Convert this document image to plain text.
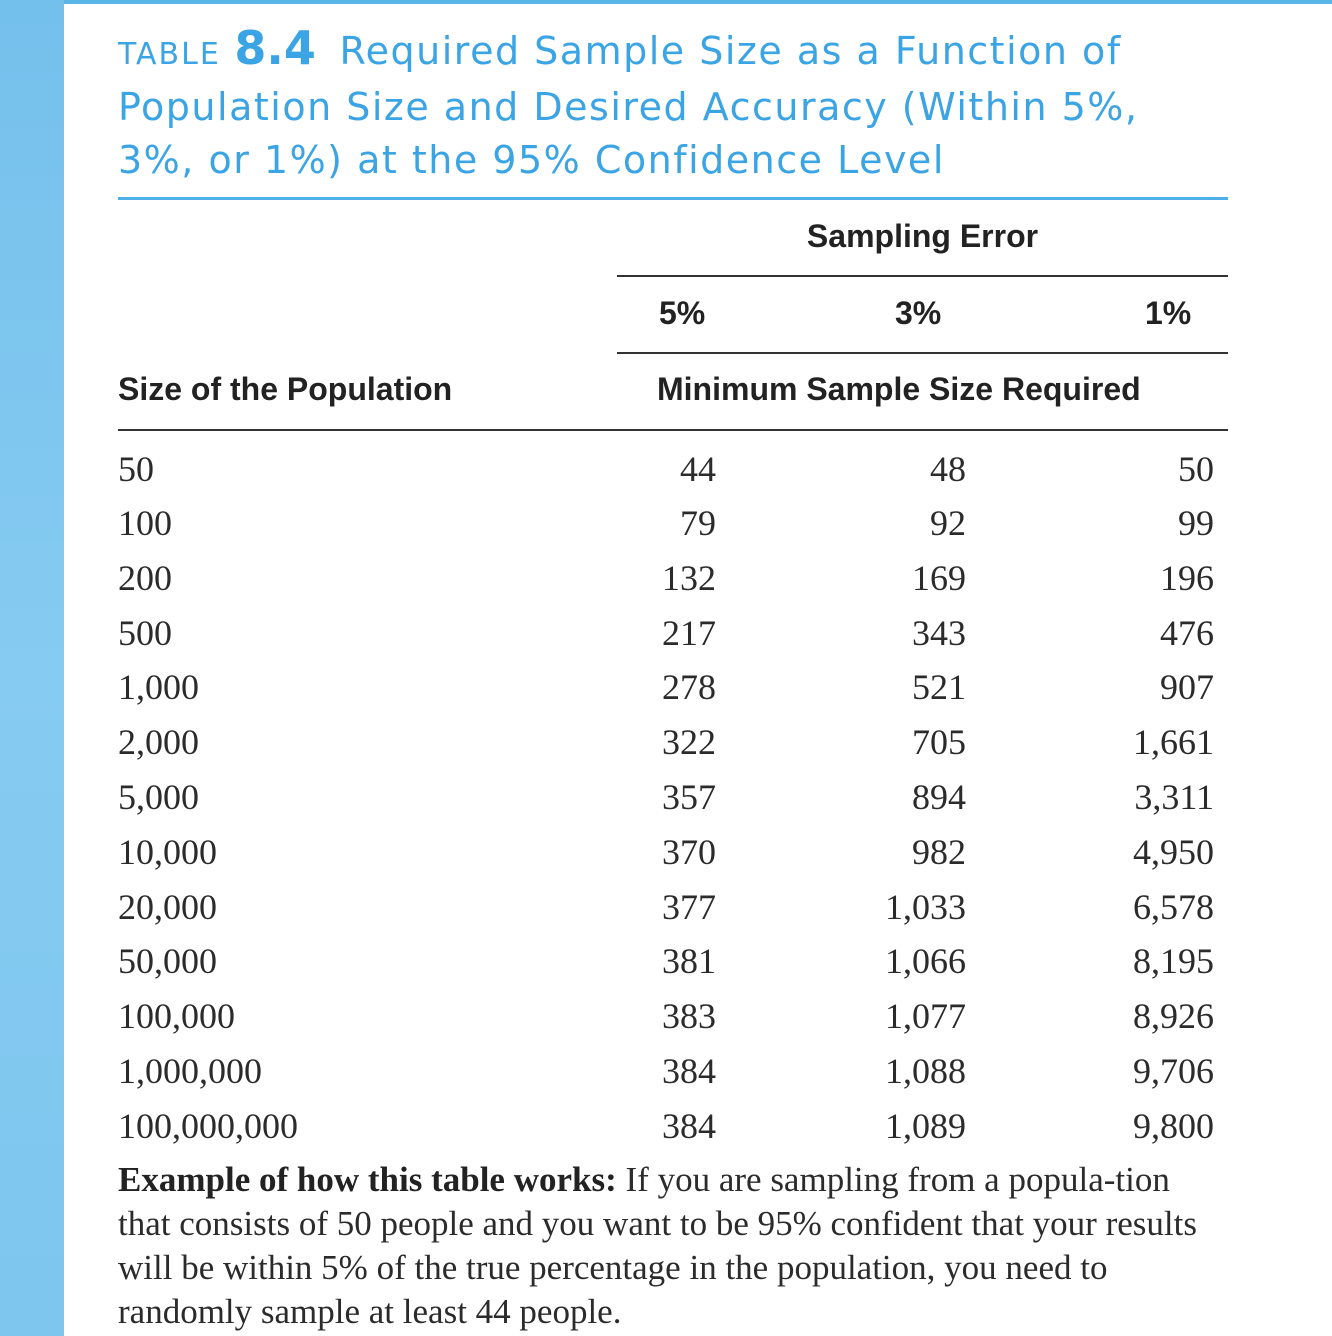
TABLE 8.4 Required Sample Size as a Function of Population Size and Desired Accuracy (Within 5%, 3%, or 1%) at the 95% Confidence Level
Sampling Error
5%	3%	1%
Size of the Population	Minimum Sample Size Required
50	44	48	50
100	79	92	99
200	132	169	196
500	217	343	476
1,000	278	521	907
2,000	322	705	1,661
5,000	357	894	3,311
10,000	370	982	4,950
20,000	377	1,033	6,578
50,000	381	1,066	8,195
100,000	383	1,077	8,926
1,000,000	384	1,088	9,706
100,000,000	384	1,089	9,800

Example of how this table works: If you are sampling from a popula-tion that consists of 50 people and you want to be 95% confident that your results will be within 5% of the true percentage in the population, you need to randomly sample at least 44 people.
